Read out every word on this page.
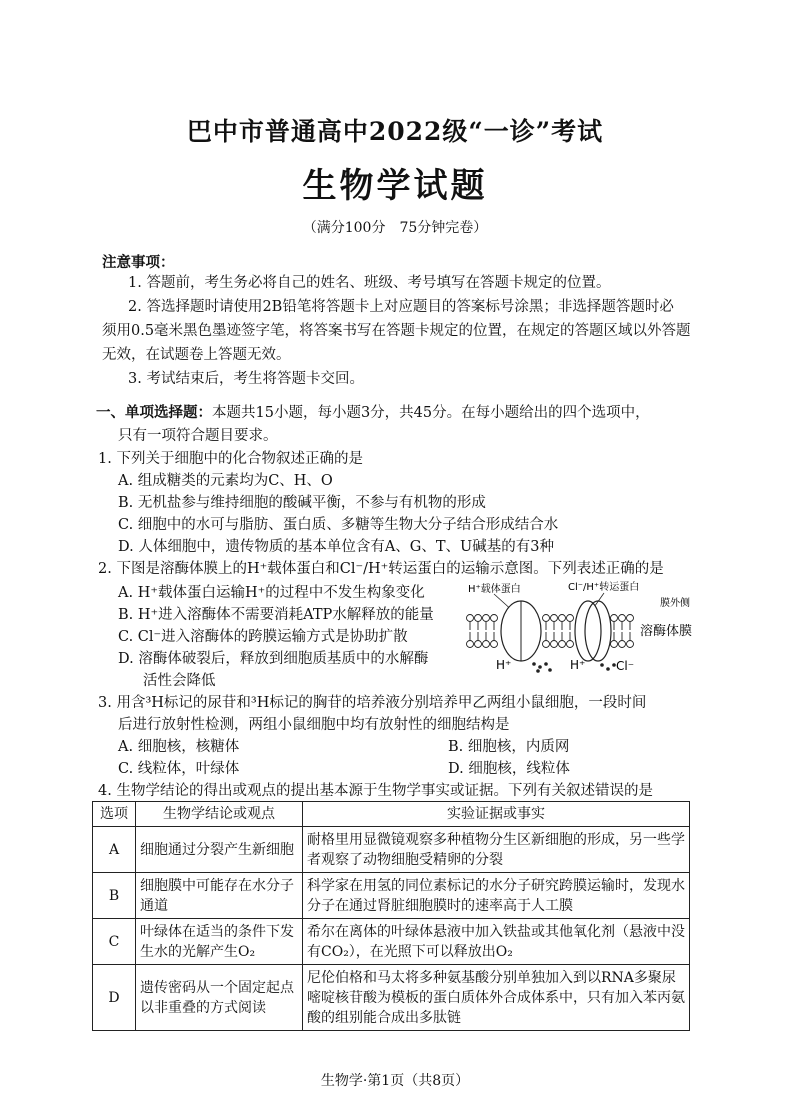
巴中市普通高中2022级“一诊”考试
生物学试题
（满分100分　75分钟完卷）
注意事项：
1. 答题前，考生务必将自己的姓名、班级、考号填写在答题卡规定的位置。
2. 答选择题时请使用2B铅笔将答题卡上对应题目的答案标号涂黑；非选择题答题时必
须用0.5毫米黑色墨迹签字笔，将答案书写在答题卡规定的位置，在规定的答题区域以外答题
无效，在试题卷上答题无效。
3. 考试结束后，考生将答题卡交回。
一、单项选择题：本题共15小题，每小题3分，共45分。在每小题给出的四个选项中，
只有一项符合题目要求。
1. 下列关于细胞中的化合物叙述正确的是
A. 组成糖类的元素均为C、H、O
B. 无机盐参与维持细胞的酸碱平衡，不参与有机物的形成
C. 细胞中的水可与脂肪、蛋白质、多糖等生物大分子结合形成结合水
D. 人体细胞中，遗传物质的基本单位含有A、G、T、U碱基的有3种
2. 下图是溶酶体膜上的H⁺载体蛋白和Cl⁻/H⁺转运蛋白的运输示意图。下列表述正确的是
A. H⁺载体蛋白运输H⁺的过程中不发生构象变化
B. H⁺进入溶酶体不需要消耗ATP水解释放的能量
C. Cl⁻进入溶酶体的跨膜运输方式是协助扩散
D. 溶酶体破裂后，释放到细胞质基质中的水解酶
活性会降低
H⁺载体蛋白	Cl⁻/H⁺转运蛋白
膜外侧
溶酶体膜
H⁺	H⁺	Cl⁻
3. 用含³H标记的尿苷和³H标记的胸苷的培养液分别培养甲乙两组小鼠细胞，一段时间
后进行放射性检测，两组小鼠细胞中均有放射性的细胞结构是
A. 细胞核，核糖体	B. 细胞核，内质网
C. 线粒体，叶绿体	D. 细胞核，线粒体
4. 生物学结论的得出或观点的提出基本源于生物学事实或证据。下列有关叙述错误的是
选项	生物学结论或观点	实验证据或事实
A	细胞通过分裂产生新细胞	耐格里用显微镜观察多种植物分生区新细胞的形成，另一些学者观察了动物细胞受精卵的分裂
B	细胞膜中可能存在水分子通道	科学家在用氢的同位素标记的水分子研究跨膜运输时，发现水分子在通过肾脏细胞膜时的速率高于人工膜
C	叶绿体在适当的条件下发生水的光解产生O₂	希尔在离体的叶绿体悬液中加入铁盐或其他氧化剂（悬液中没有CO₂），在光照下可以释放出O₂
D	遗传密码从一个固定起点以非重叠的方式阅读	尼伦伯格和马太将多种氨基酸分别单独加入到以RNA多聚尿嘧啶核苷酸为模板的蛋白质体外合成体系中，只有加入苯丙氨酸的组别能合成出多肽链
生物学·第1页（共8页）
